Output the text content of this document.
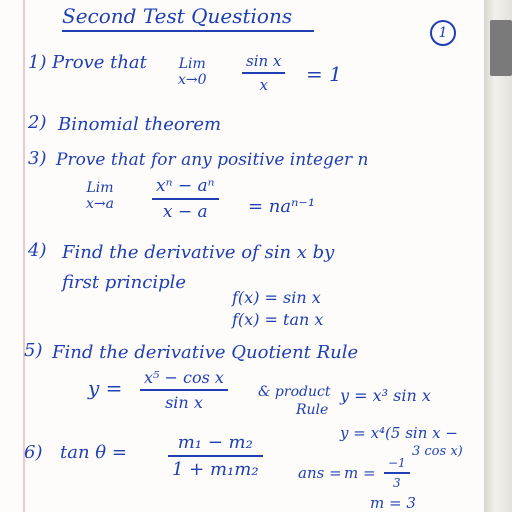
Second Test Questions
1
1) Prove that Lim
x→0
sin x
x = 1
2) Binomial theorem
3) Prove that for any positive integer n
Lim
x→a
xⁿ − aⁿ
x − a = naⁿ⁻¹
4) Find the derivative of sin x by
first principle
f(x) = sin x
f(x) = tan x
5) Find the derivative Quotient Rule
y = x⁵ − cos x
sin x
& product
Rule
y = x³ sin x
y = x⁴(5 sin x −
3 cos x)
6) tan θ =	m₁ − m₂
1 + m₁m₂	ans = m =
−1
3
m = 3
